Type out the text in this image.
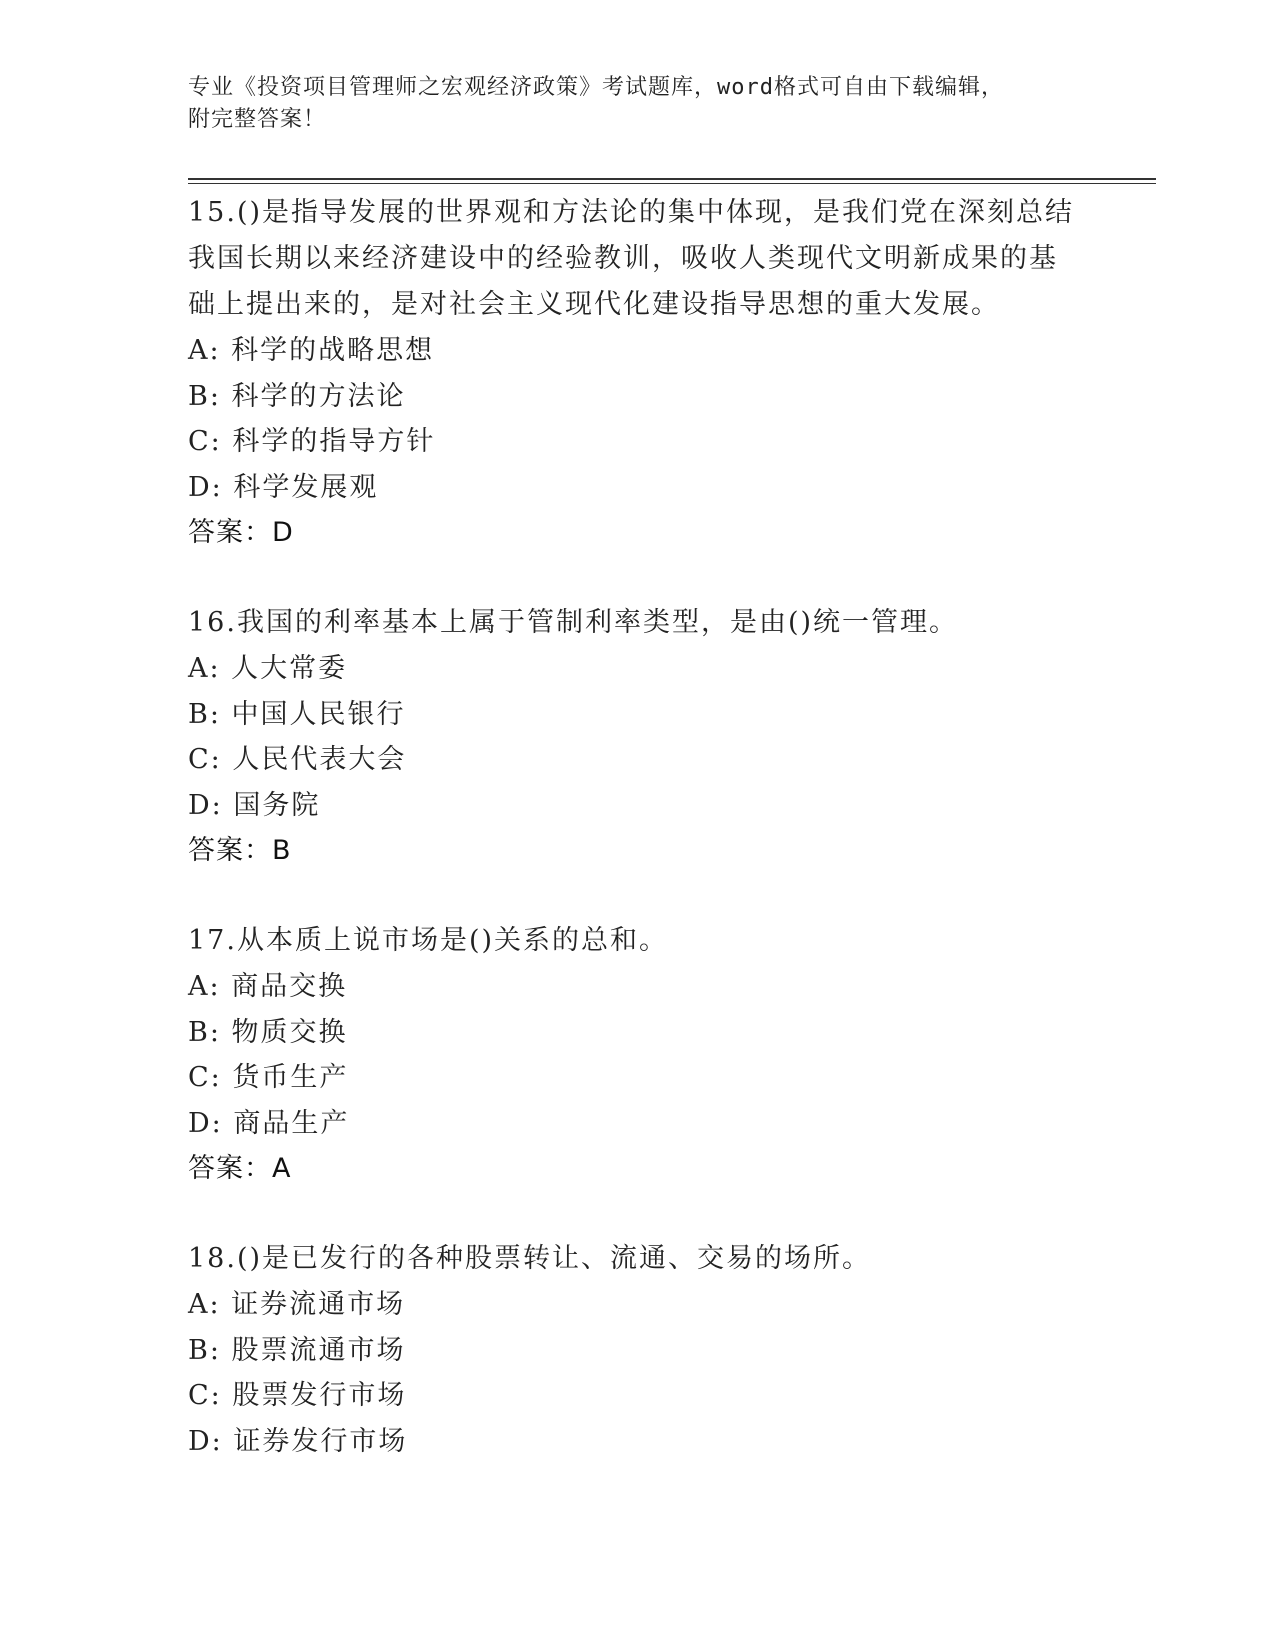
专业《投资项目管理师之宏观经济政策》考试题库，word格式可自由下载编辑，
附完整答案！
15.()是指导发展的世界观和方法论的集中体现，是我们党在深刻总结
我国长期以来经济建设中的经验教训，吸收人类现代文明新成果的基
础上提出来的，是对社会主义现代化建设指导思想的重大发展。
A: 科学的战略思想
B: 科学的方法论
C: 科学的指导方针
D: 科学发展观
答案：D
16.我国的利率基本上属于管制利率类型，是由()统一管理。
A: 人大常委
B: 中国人民银行
C: 人民代表大会
D: 国务院
答案：B
17.从本质上说市场是()关系的总和。
A: 商品交换
B: 物质交换
C: 货币生产
D: 商品生产
答案：A
18.()是已发行的各种股票转让、流通、交易的场所。
A: 证券流通市场
B: 股票流通市场
C: 股票发行市场
D: 证券发行市场
